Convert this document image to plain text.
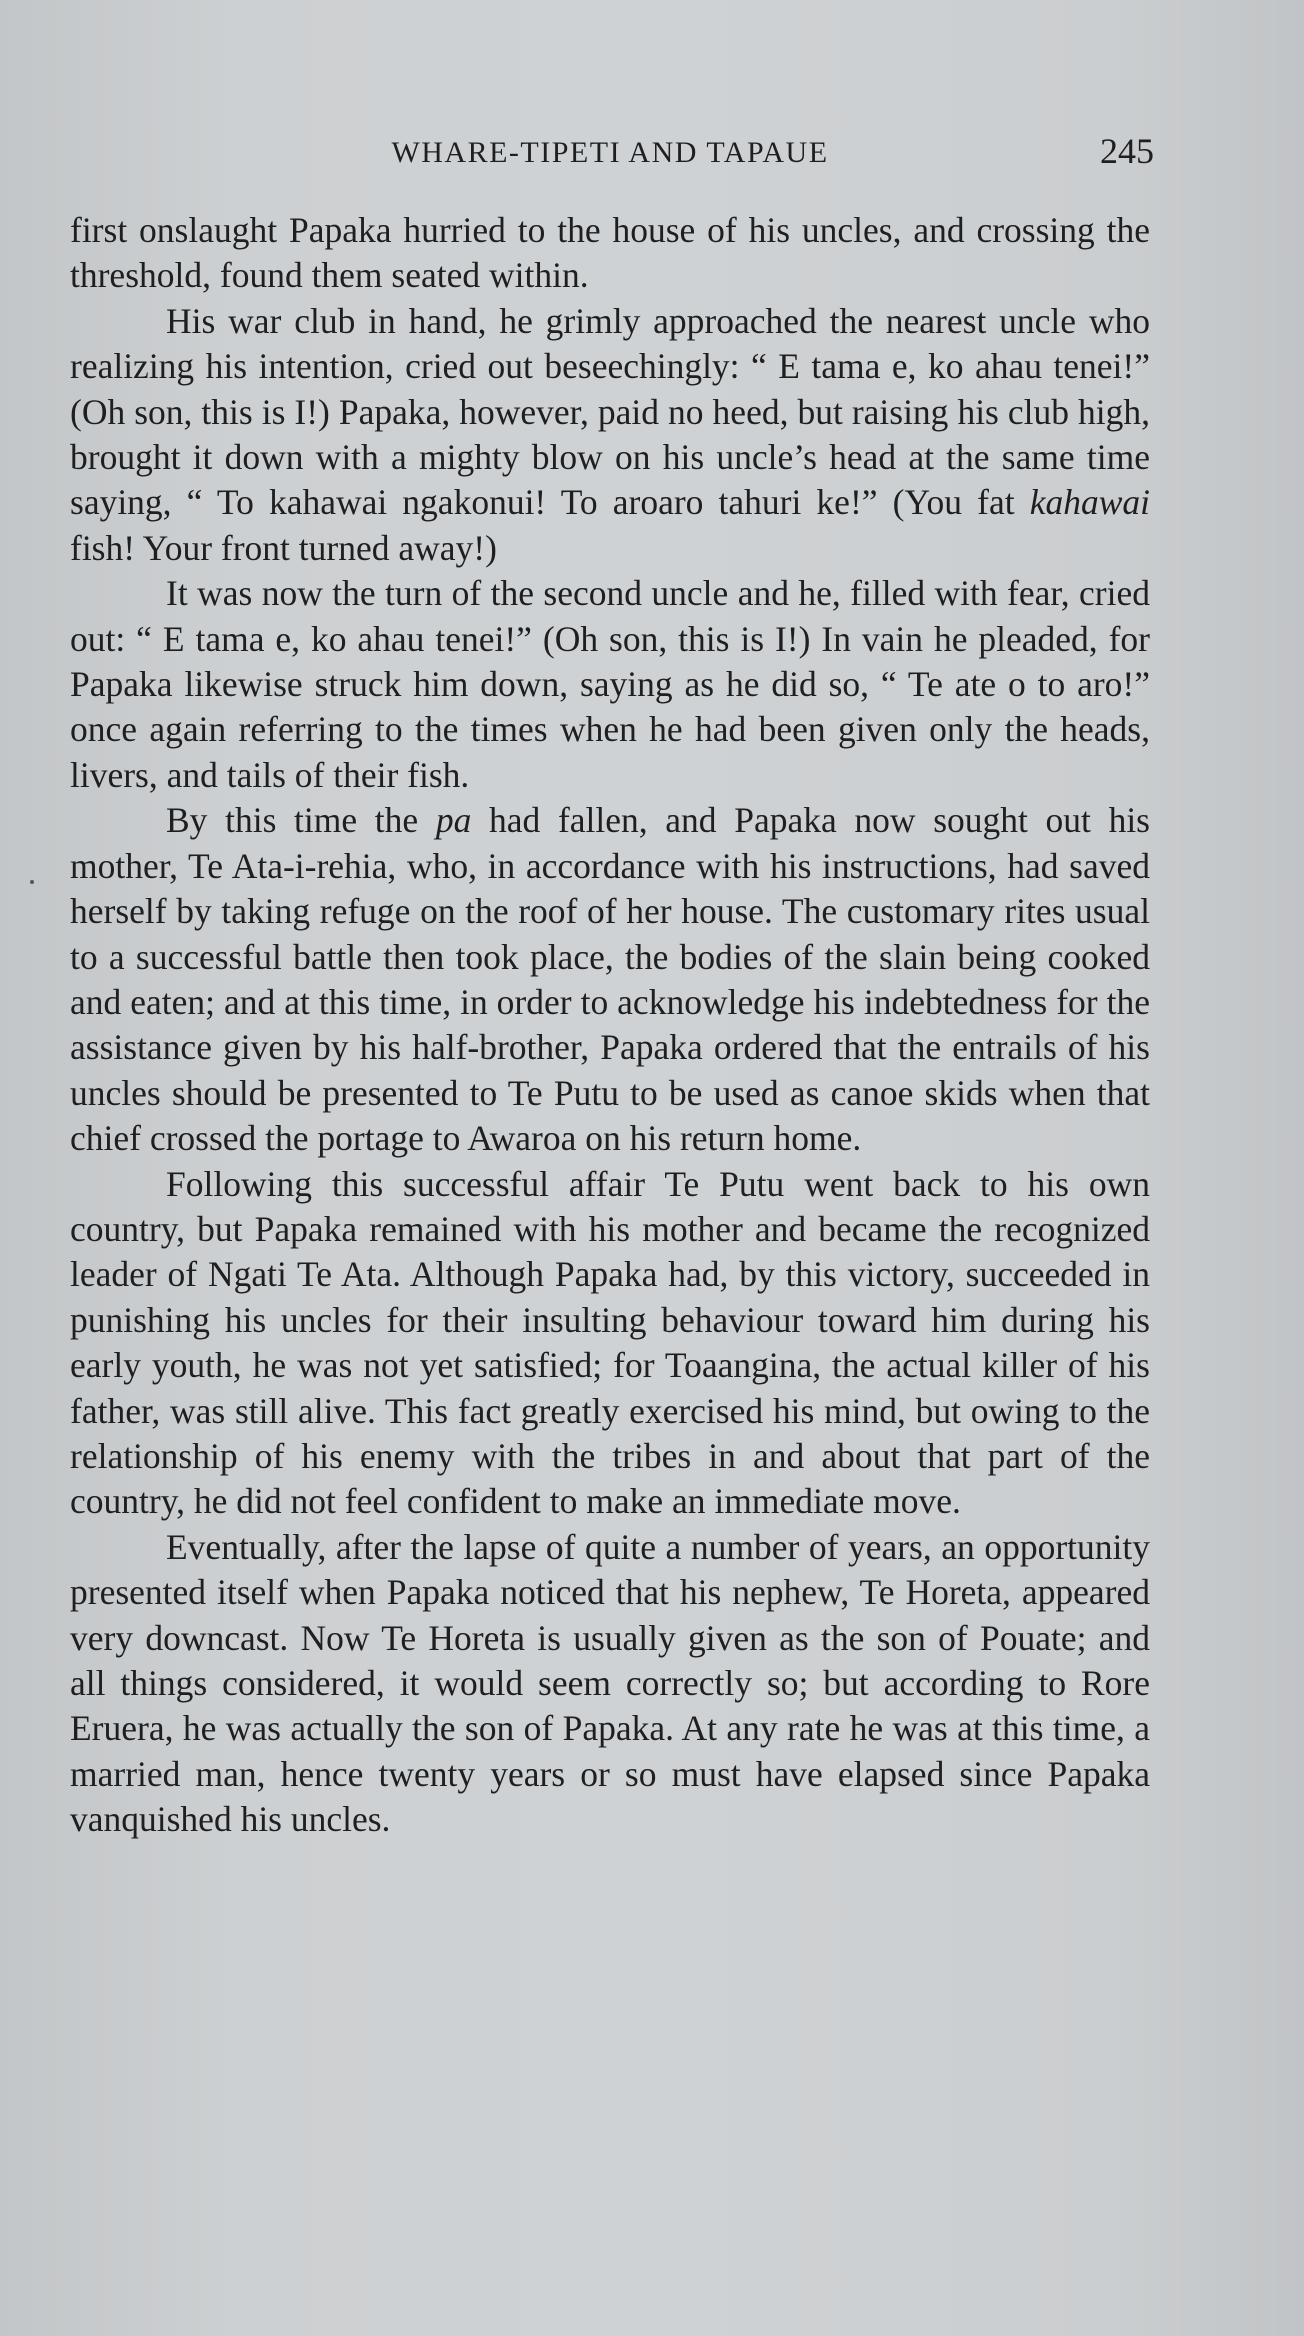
WHARE-TIPETI AND TAPAUE	245

first onslaught Papaka hurried to the house of his uncles, and crossing the threshold, found them seated within.

His war club in hand, he grimly approached the nearest uncle who realizing his intention, cried out beseechingly: “ E tama e, ko ahau tenei!” (Oh son, this is I!) Papaka, however, paid no heed, but raising his club high, brought it down with a mighty blow on his uncle’s head at the same time saying, “ To kahawai ngakonui! To aroaro tahuri ke!” (You fat kahawai fish! Your front turned away!)

It was now the turn of the second uncle and he, filled with fear, cried out: “ E tama e, ko ahau tenei!” (Oh son, this is I!) In vain he pleaded, for Papaka likewise struck him down, saying as he did so, “ Te ate o to aro!” once again referring to the times when he had been given only the heads, livers, and tails of their fish.

By this time the pa had fallen, and Papaka now sought out his mother, Te Ata-i-rehia, who, in accordance with his instructions, had saved herself by taking refuge on the roof of her house. The customary rites usual to a successful battle then took place, the bodies of the slain being cooked and eaten; and at this time, in order to acknowledge his indebtedness for the assistance given by his half-brother, Papaka ordered that the entrails of his uncles should be presented to Te Putu to be used as canoe skids when that chief crossed the portage to Awaroa on his return home.

Following this successful affair Te Putu went back to his own country, but Papaka remained with his mother and became the recognized leader of Ngati Te Ata. Although Papaka had, by this victory, succeeded in punishing his uncles for their insulting behaviour toward him during his early youth, he was not yet satisfied; for Toaangina, the actual killer of his father, was still alive. This fact greatly exercised his mind, but owing to the relationship of his enemy with the tribes in and about that part of the country, he did not feel confident to make an immediate move.

Eventually, after the lapse of quite a number of years, an opportunity presented itself when Papaka noticed that his nephew, Te Horeta, appeared very downcast. Now Te Horeta is usually given as the son of Pouate; and all things considered, it would seem correctly so; but according to Rore Eruera, he was actually the son of Papaka. At any rate he was at this time, a married man, hence twenty years or so must have elapsed since Papaka vanquished his uncles.
